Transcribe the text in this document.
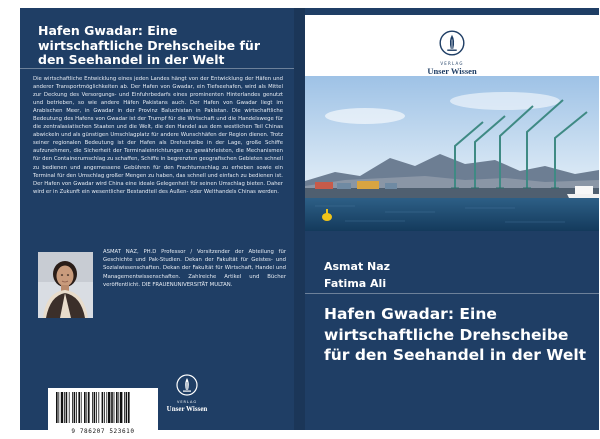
Hafen Gwadar: Eine wirtschaftliche Drehscheibe für den Seehandel in der Welt
Die wirtschaftliche Entwicklung eines jeden Landes hängt von der Entwicklung der Häfen und anderer Transportmöglichkeiten ab. Der Hafen von Gwadar, ein Tiefseehafen, wird als Mittel zur Deckung des Versorgungs- und Einfuhrbedarfs eines prominenten Hinterlandes genutzt und betrieben, so wie andere Häfen Pakistans auch. Der Hafen von Gwadar liegt im Arabischen Meer, in Gwadar in der Provinz Baluchistan in Pakistan. Die wirtschaftliche Bedeutung des Hafens von Gwadar ist der Trumpf für die Wirtschaft und die Handelswege für die zentralasiatischen Staaten und die Welt, die den Handel aus dem westlichen Teil Chinas abwickeln und als günstigen Umschlagplatz für andere Wunschhäfen der Region dienen. Trotz seiner regionalen Bedeutung ist der Hafen als Drehscheibe in der Lage, große Schiffe aufzunehmen, die Sicherheit der Terminaleinrichtungen zu gewährleisten, die Mechanismen für den Containerumschlag zu schaffen, Schiffe in begrenzten geografischen Gebieten schnell zu bedienen und angemessene Gebühren für den Frachtumschlag zu erheben sowie ein Terminal für den Umschlag großer Mengen zu haben, das schnell und einfach zu bedienen ist. Der Hafen von Gwadar wird China eine ideale Gelegenheit für seinen Umschlag bieten. Daher wird er in Zukunft ein wesentlicher Bestandteil des Außen- oder Welthandels Chinas werden.
ASMAT NAZ, PH.D Professor / Vorsitzender der Abteilung für Geschichte und Pak-Studien. Dekan der Fakultät für Geistes- und Sozialwissenschaften. Dekan der Fakultät für Wirtschaft, Handel und Managementwissenschaften. Zahlreiche Artikel und Bücher veröffentlicht. DIE FRAUENUNIVERSITÄT MULTAN.
VERLAG
Unser Wissen
9 786207 523610
VERLAG
Unser Wissen
Asmat Naz
Fatima Ali
Hafen Gwadar: Eine wirtschaftliche Drehscheibe für den Seehandel in der Welt
